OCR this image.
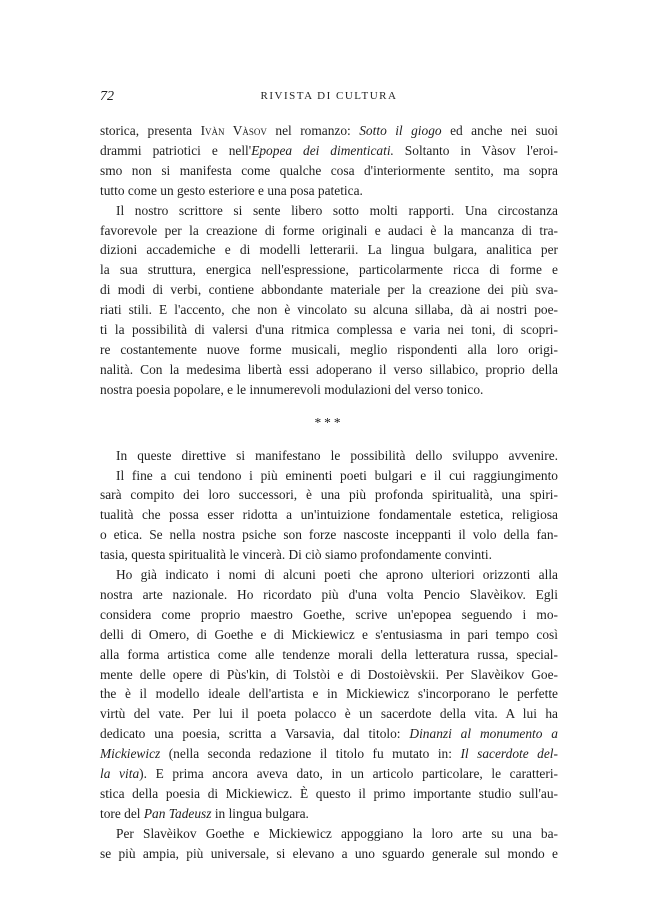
72	RIVISTA DI CULTURA

storica, presenta Ivàn Vàsov nel romanzo: Sotto il giogo ed anche nei suoi

drammi patriotici e nell'Epopea dei dimenticati. Soltanto in Vàsov l'eroi-

smo non si manifesta come qualche cosa d'interiormente sentito, ma sopra

tutto come un gesto esteriore e una posa patetica.

Il nostro scrittore si sente libero sotto molti rapporti. Una circostanza

favorevole per la creazione di forme originali e audaci è la mancanza di tra-

dizioni accademiche e di modelli letterarii. La lingua bulgara, analitica per

la sua struttura, energica nell'espressione, particolarmente ricca di forme e

di modi di verbi, contiene abbondante materiale per la creazione dei più sva-

riati stili. E l'accento, che non è vincolato su alcuna sillaba, dà ai nostri poe-

ti la possibilità di valersi d'una ritmica complessa e varia nei toni, di scopri-

re costantemente nuove forme musicali, meglio rispondenti alla loro origi-

nalità. Con la medesima libertà essi adoperano il verso sillabico, proprio della

nostra poesia popolare, e le innumerevoli modulazioni del verso tonico.

***

In queste direttive si manifestano le possibilità dello sviluppo avvenire.

Il fine a cui tendono i più eminenti poeti bulgari e il cui raggiungimento

sarà compito dei loro successori, è una più profonda spiritualità, una spiri-

tualità che possa esser ridotta a un'intuizione fondamentale estetica, religiosa

o etica. Se nella nostra psiche son forze nascoste inceppanti il volo della fan-

tasia, questa spiritualità le vincerà. Di ciò siamo profondamente convinti.

Ho già indicato i nomi di alcuni poeti che aprono ulteriori orizzonti alla

nostra arte nazionale. Ho ricordato più d'una volta Pencio Slavèikov. Egli

considera come proprio maestro Goethe, scrive un'epopea seguendo i mo-

delli di Omero, di Goethe e di Mickiewicz e s'entusiasma in pari tempo così

alla forma artistica come alle tendenze morali della letteratura russa, special-

mente delle opere di Pùs'kin, di Tolstòi e di Dostoièvskii. Per Slavèikov Goe-

the è il modello ideale dell'artista e in Mickiewicz s'incorporano le perfette

virtù del vate. Per lui il poeta polacco è un sacerdote della vita. A lui ha

dedicato una poesia, scritta a Varsavia, dal titolo: Dinanzi al monumento a

Mickiewicz (nella seconda redazione il titolo fu mutato in: Il sacerdote del-

la vita). E prima ancora aveva dato, in un articolo particolare, le caratteri-

stica della poesia di Mickiewicz. È questo il primo importante studio sull'au-

tore del Pan Tadeusz in lingua bulgara.

Per Slavèikov Goethe e Mickiewicz appoggiano la loro arte su una ba-

se più ampia, più universale, si elevano a uno sguardo generale sul mondo e
